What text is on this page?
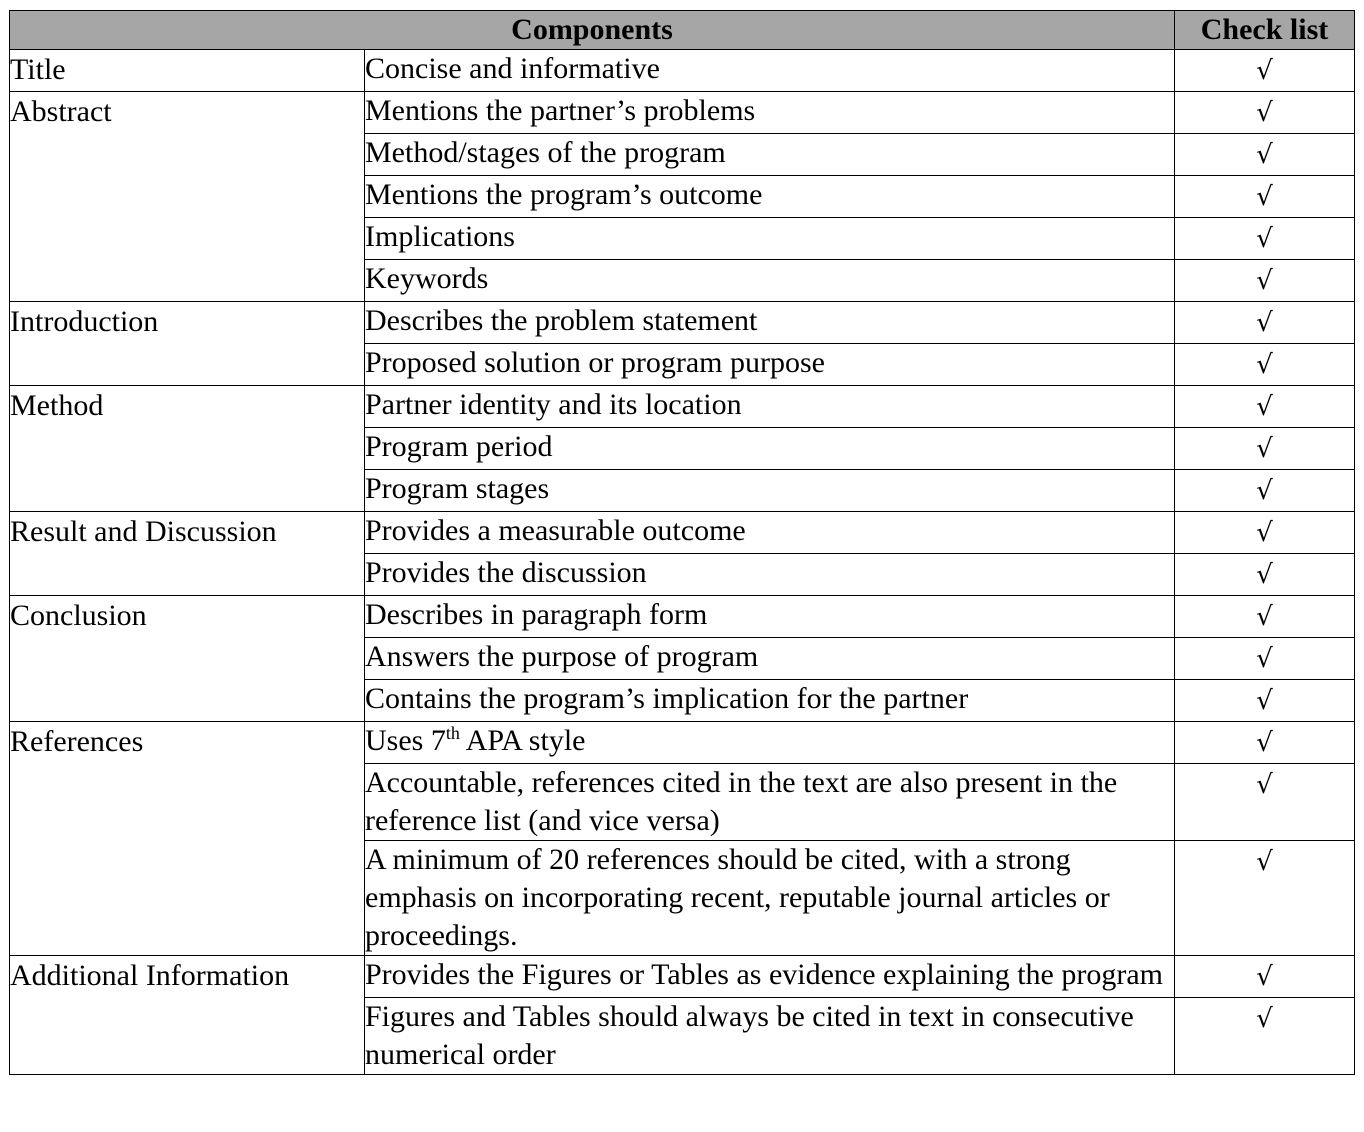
Components		Check list
Title	Concise and informative	√
Abstract	Mentions the partner’s problems	√
	Method/stages of the program	√
	Mentions the program’s outcome	√
	Implications	√
	Keywords	√
Introduction	Describes the problem statement	√
	Proposed solution or program purpose	√
Method	Partner identity and its location	√
	Program period	√
	Program stages	√
Result and Discussion	Provides a measurable outcome	√
	Provides the discussion	√
Conclusion	Describes in paragraph form	√
	Answers the purpose of program	√
	Contains the program’s implication for the partner	√
References	Uses 7th APA style	√
	Accountable, references cited in the text are also present in the reference list (and vice versa)	√
	A minimum of 20 references should be cited, with a strong emphasis on incorporating recent, reputable journal articles or proceedings.	√
Additional Information	Provides the Figures or Tables as evidence explaining the program	√
	Figures and Tables should always be cited in text in consecutive numerical order	√
